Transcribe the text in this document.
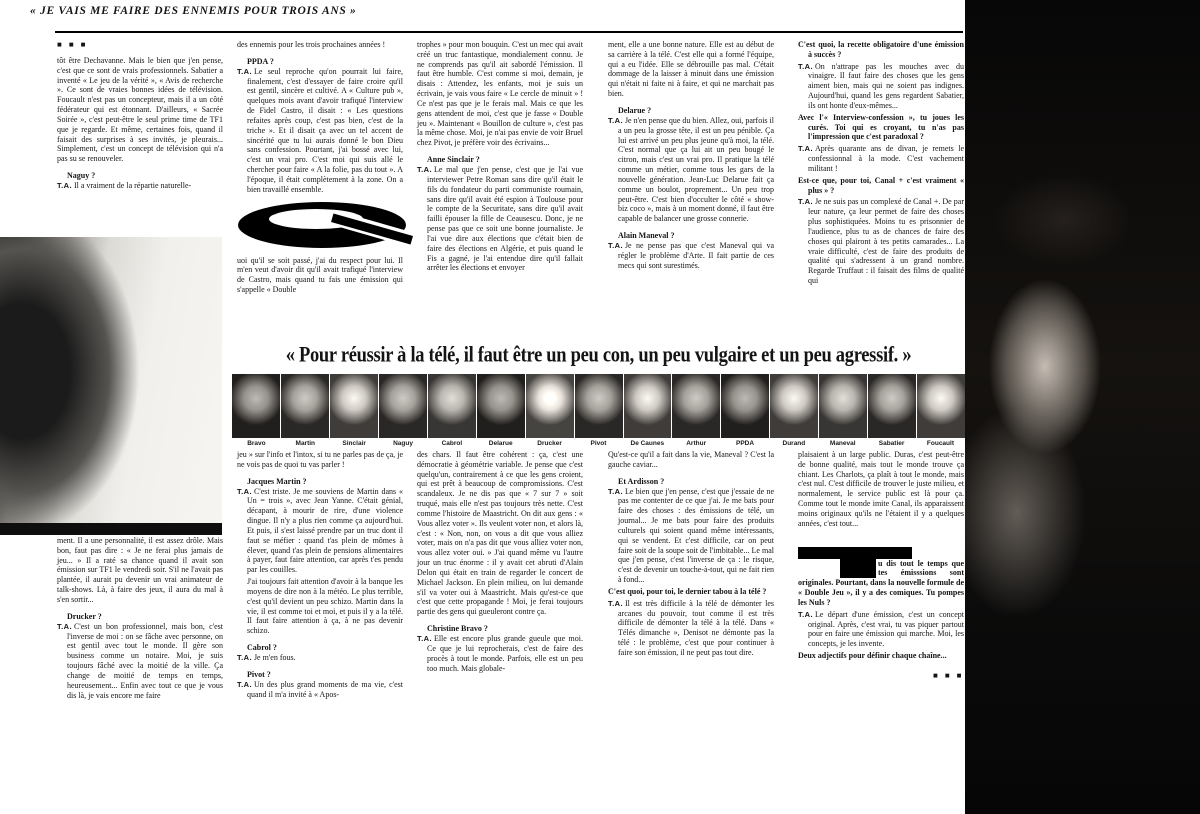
« JE VAIS ME FAIRE DES ENNEMIS POUR TROIS ANS »
■ ■ ■

tôt être Dechavanne. Mais le bien que j'en pense, c'est que ce sont de vrais professionnels. Sabatier a inventé « Le jeu de la vérité », « Avis de recherche ». Ce sont de vraies bonnes idées de télévision. Foucault n'est pas un concepteur, mais il a un côté fédérateur qui est étonnant. D'ailleurs, « Sacrée Soirée », c'est peut-être le seul prime time de TF1 que je regarde. Et même, certaines fois, quand il faisait des surprises à ses invités, je pleurais... Simplement, c'est un concept de télévision qui n'a pas su se renouveler.

Naguy ?

T.A. Il a vraiment de la répartie naturelle-

des ennemis pour les trois prochaines années !

PPDA ?

T.A. Le seul reproche qu'on pourrait lui faire, finalement, c'est d'essayer de faire croire qu'il est gentil, sincère et cultivé. A « Culture pub », quelques mois avant d'avoir trafiqué l'interview de Fidel Castro, il disait : « Les questions refaites après coup, c'est pas bien, c'est de la triche ». Et il disait ça avec un tel accent de sincérité que tu lui aurais donné le bon Dieu sans confession. Pourtant, j'ai bossé avec lui, c'est un vrai pro. C'est moi qui suis allé le chercher pour faire « A la folie, pas du tout ». A l'époque, il était complètement à la zone. On a bien travaillé ensemble.

uoi qu'il se soit passé, j'ai du respect pour lui. Il m'en veut d'avoir dit qu'il avait trafiqué l'interview de Castro, mais quand tu fais une émission qui s'appelle « Double

trophes » pour mon bouquin. C'est un mec qui avait créé un truc fantastique, mondialement connu. Je ne comprends pas qu'il ait sabordé l'émission. Il faut être humble. C'est comme si moi, demain, je disais : Attendez, les enfants, moi je suis un écrivain, je vais vous faire « Le cercle de minuit » ! Ce n'est pas que je le ferais mal. Mais ce que les gens attendent de moi, c'est que je fasse « Double jeu ». Maintenant « Bouillon de culture », c'est pas la même chose. Moi, je n'ai pas envie de voir Bruel chez Pivot, je préfère voir des écrivains...

Anne Sinclair ?

T.A. Le mal que j'en pense, c'est que je l'ai vue interviewer Petre Roman sans dire qu'il était le fils du fondateur du parti communiste roumain, sans dire qu'il avait été espion à Toulouse pour le compte de la Securitate, sans dire qu'il avait failli épouser la fille de Ceausescu. Donc, je ne pense pas que ce soit une bonne journaliste. Je l'ai vue dire aux élections que c'était bien de faire des élections en Algérie, et puis quand le Fis a gagné, je l'ai entendue dire qu'il fallait arrêter les élections et envoyer

ment, elle a une bonne nature. Elle est au début de sa carrière à la télé. C'est elle qui a formé l'équipe, qui a eu l'idée. Elle se débrouille pas mal. C'était dommage de la laisser à minuit dans une émission qui n'était ni faite ni à faire, et qui ne marchait pas bien.

Delarue ?

T.A. Je n'en pense que du bien. Allez, oui, parfois il a un peu la grosse tête, il est un peu pénible. Ça lui est arrivé un peu plus jeune qu'à moi, la télé. C'est normal que ça lui ait un peu bougé le citron, mais c'est un vrai pro. Il pratique la télé comme un métier, comme tous les gars de la nouvelle génération. Jean-Luc Delarue fait ça comme un boulot, proprement... Un peu trop peut-être. C'est bien d'occulter le côté « show-biz coco », mais à un moment donné, il faut être capable de balancer une grosse connerie.

Alain Maneval ?

T.A. Je ne pense pas que c'est Maneval qui va régler le problème d'Arte. Il fait partie de ces mecs qui sont surestimés.

C'est quoi, la recette obligatoire d'une émission à succès ?

T.A. On n'attrape pas les mouches avec du vinaigre. Il faut faire des choses que les gens aiment bien, mais qui ne soient pas indignes. Aujourd'hui, quand les gens regardent Sabatier, ils ont honte d'eux-mêmes...

Avec l'« Interview-confession », tu joues les curés. Toi qui es croyant, tu n'as pas l'impression que c'est paradoxal ?

T.A. Après quarante ans de divan, je remets le confessionnal à la mode. C'est vachement militant !

Est-ce que, pour toi, Canal + c'est vraiment « plus » ?

T.A. Je ne suis pas un complexé de Canal +. De par leur nature, ça leur permet de faire des choses plus sophistiquées. Moins tu es prisonnier de l'audience, plus tu as de chances de faire des choses qui plairont à tes petits camarades... La vraie difficulté, c'est de faire des produits de qualité qui s'adressent à un grand nombre. Regarde Truffaut : il faisait des films de qualité qui

« Pour réussir à la télé, il faut être un peu con, un peu vulgaire et un peu agressif. »
Bravo	Martin	Sinclair	Naguy	Cabrol	Delarue	Drucker	Pivot	De Caunes	Arthur	PPDA	Durand	Maneval	Sabatier	Foucault

ment. Il a une personnalité, il est assez drôle. Mais bon, faut pas dire : « Je ne ferai plus jamais de jeu... » Il a raté sa chance quand il avait son émission sur TF1 le vendredi soir. S'il ne l'avait pas plantée, il aurait pu devenir un vrai animateur de talk-shows. Là, à faire des jeux, il aura du mal à s'en sortir...

Drucker ?

T.A. C'est un bon professionnel, mais bon, c'est l'inverse de moi : on se fâche avec personne, on est gentil avec tout le monde. Il gère son business comme un notaire. Moi, je suis toujours fâché avec la moitié de la ville. Ça change de moitié de temps en temps, heureusement... Enfin avec tout ce que je vous dis là, je vais encore me faire

jeu » sur l'info et l'intox, si tu ne parles pas de ça, je ne vois pas de quoi tu vas parler !

Jacques Martin ?

T.A. C'est triste. Je me souviens de Martin dans « Un = trois », avec Jean Yanne. C'était génial, décapant, à mourir de rire, d'une violence dingue. Il n'y a plus rien comme ça aujourd'hui. Et puis, il s'est laissé prendre par un truc dont il faut se méfier : quand t'as plein de mômes à élever, quand t'as plein de pensions alimentaires à payer, faut faire attention, car après t'es pendu par les couilles.

J'ai toujours fait attention d'avoir à la banque les moyens de dire non à la météo. Le plus terrible, c'est qu'il devient un peu schizo. Martin dans la vie, il est comme toi et moi, et puis il y a la télé. Il faut faire attention à ça, à ne pas devenir schizo.

Cabrol ?

T.A. Je m'en fous.

Pivot ?

T.A. Un des plus grand moments de ma vie, c'est quand il m'a invité à « Apos-

des chars. Il faut être cohérent : ça, c'est une démocratie à géométrie variable. Je pense que c'est quelqu'un, contrairement à ce que les gens croient, qui est prêt à beaucoup de compromissions. C'est scandaleux. Je ne dis pas que « 7 sur 7 » soit truqué, mais elle n'est pas toujours très nette. C'est comme l'histoire de Maastricht. On dit aux gens : « Vous allez voter ». Ils veulent voter non, et alors là, c'est : « Non, non, on vous a dit que vous alliez voter, mais on n'a pas dit que vous alliez voter non, vous allez voter oui. » J'ai quand même vu l'autre jour un truc énorme : il y avait cet abruti d'Alain Delon qui était en train de regarder le concert de Michael Jackson. En plein milieu, on lui demande s'il va voter oui à Maastricht. Mais qu'est-ce que c'est que cette propagande ! Moi, je ferai toujours partie des gens qui gueuleront contre ça.

Christine Bravo ?

T.A. Elle est encore plus grande gueule que moi. Ce que je lui reprocherais, c'est de faire des procès à tout le monde. Parfois, elle est un peu too much. Mais globale-

Qu'est-ce qu'il a fait dans la vie, Maneval ? C'est la gauche caviar...

Et Ardisson ?

T.A. Le bien que j'en pense, c'est que j'essaie de ne pas me contenter de ce que j'ai. Je me bats pour faire des choses : des émissions de télé, un journal... Je me bats pour faire des produits culturels qui soient quand même intéressants, qui se vendent. Et c'est difficile, car on peut faire soit de la soupe soit de l'imbitable... Le mal que j'en pense, c'est l'inverse de ça : le risque, c'est de devenir un touche-à-tout, qui ne fait rien à fond...

C'est quoi, pour toi, le dernier tabou à la télé ?

T.A. Il est très difficile à la télé de démonter les arcanes du pouvoir, tout comme il est très difficile de démonter la télé à la télé. Dans « Télés dimanche », Denisot ne démonte pas la télé : le problème, c'est que pour continuer à faire son émission, il ne peut pas tout dire.

plaisaient à un large public. Duras, c'est peut-être de bonne qualité, mais tout le monde trouve ça chiant. Les Charlots, ça plaît à tout le monde, mais c'est nul. C'est difficile de trouver le juste milieu, et normalement, le service public est là pour ça. Comme tout le monde imite Canal, ils apparaissent moins originaux qu'ils ne l'étaient il y a quelques années, c'est tout...

u dis tout le temps que tes émisssions sont originales. Pourtant, dans la nouvelle formule de « Double Jeu », il y a des comiques. Tu pompes les Nuls ?

T.A. Le départ d'une émission, c'est un concept original. Après, c'est vrai, tu vas piquer partout pour en faire une émission qui marche. Moi, les concepts, je les invente.

Deux adjectifs pour définir chaque chaîne...

■ ■ ■
